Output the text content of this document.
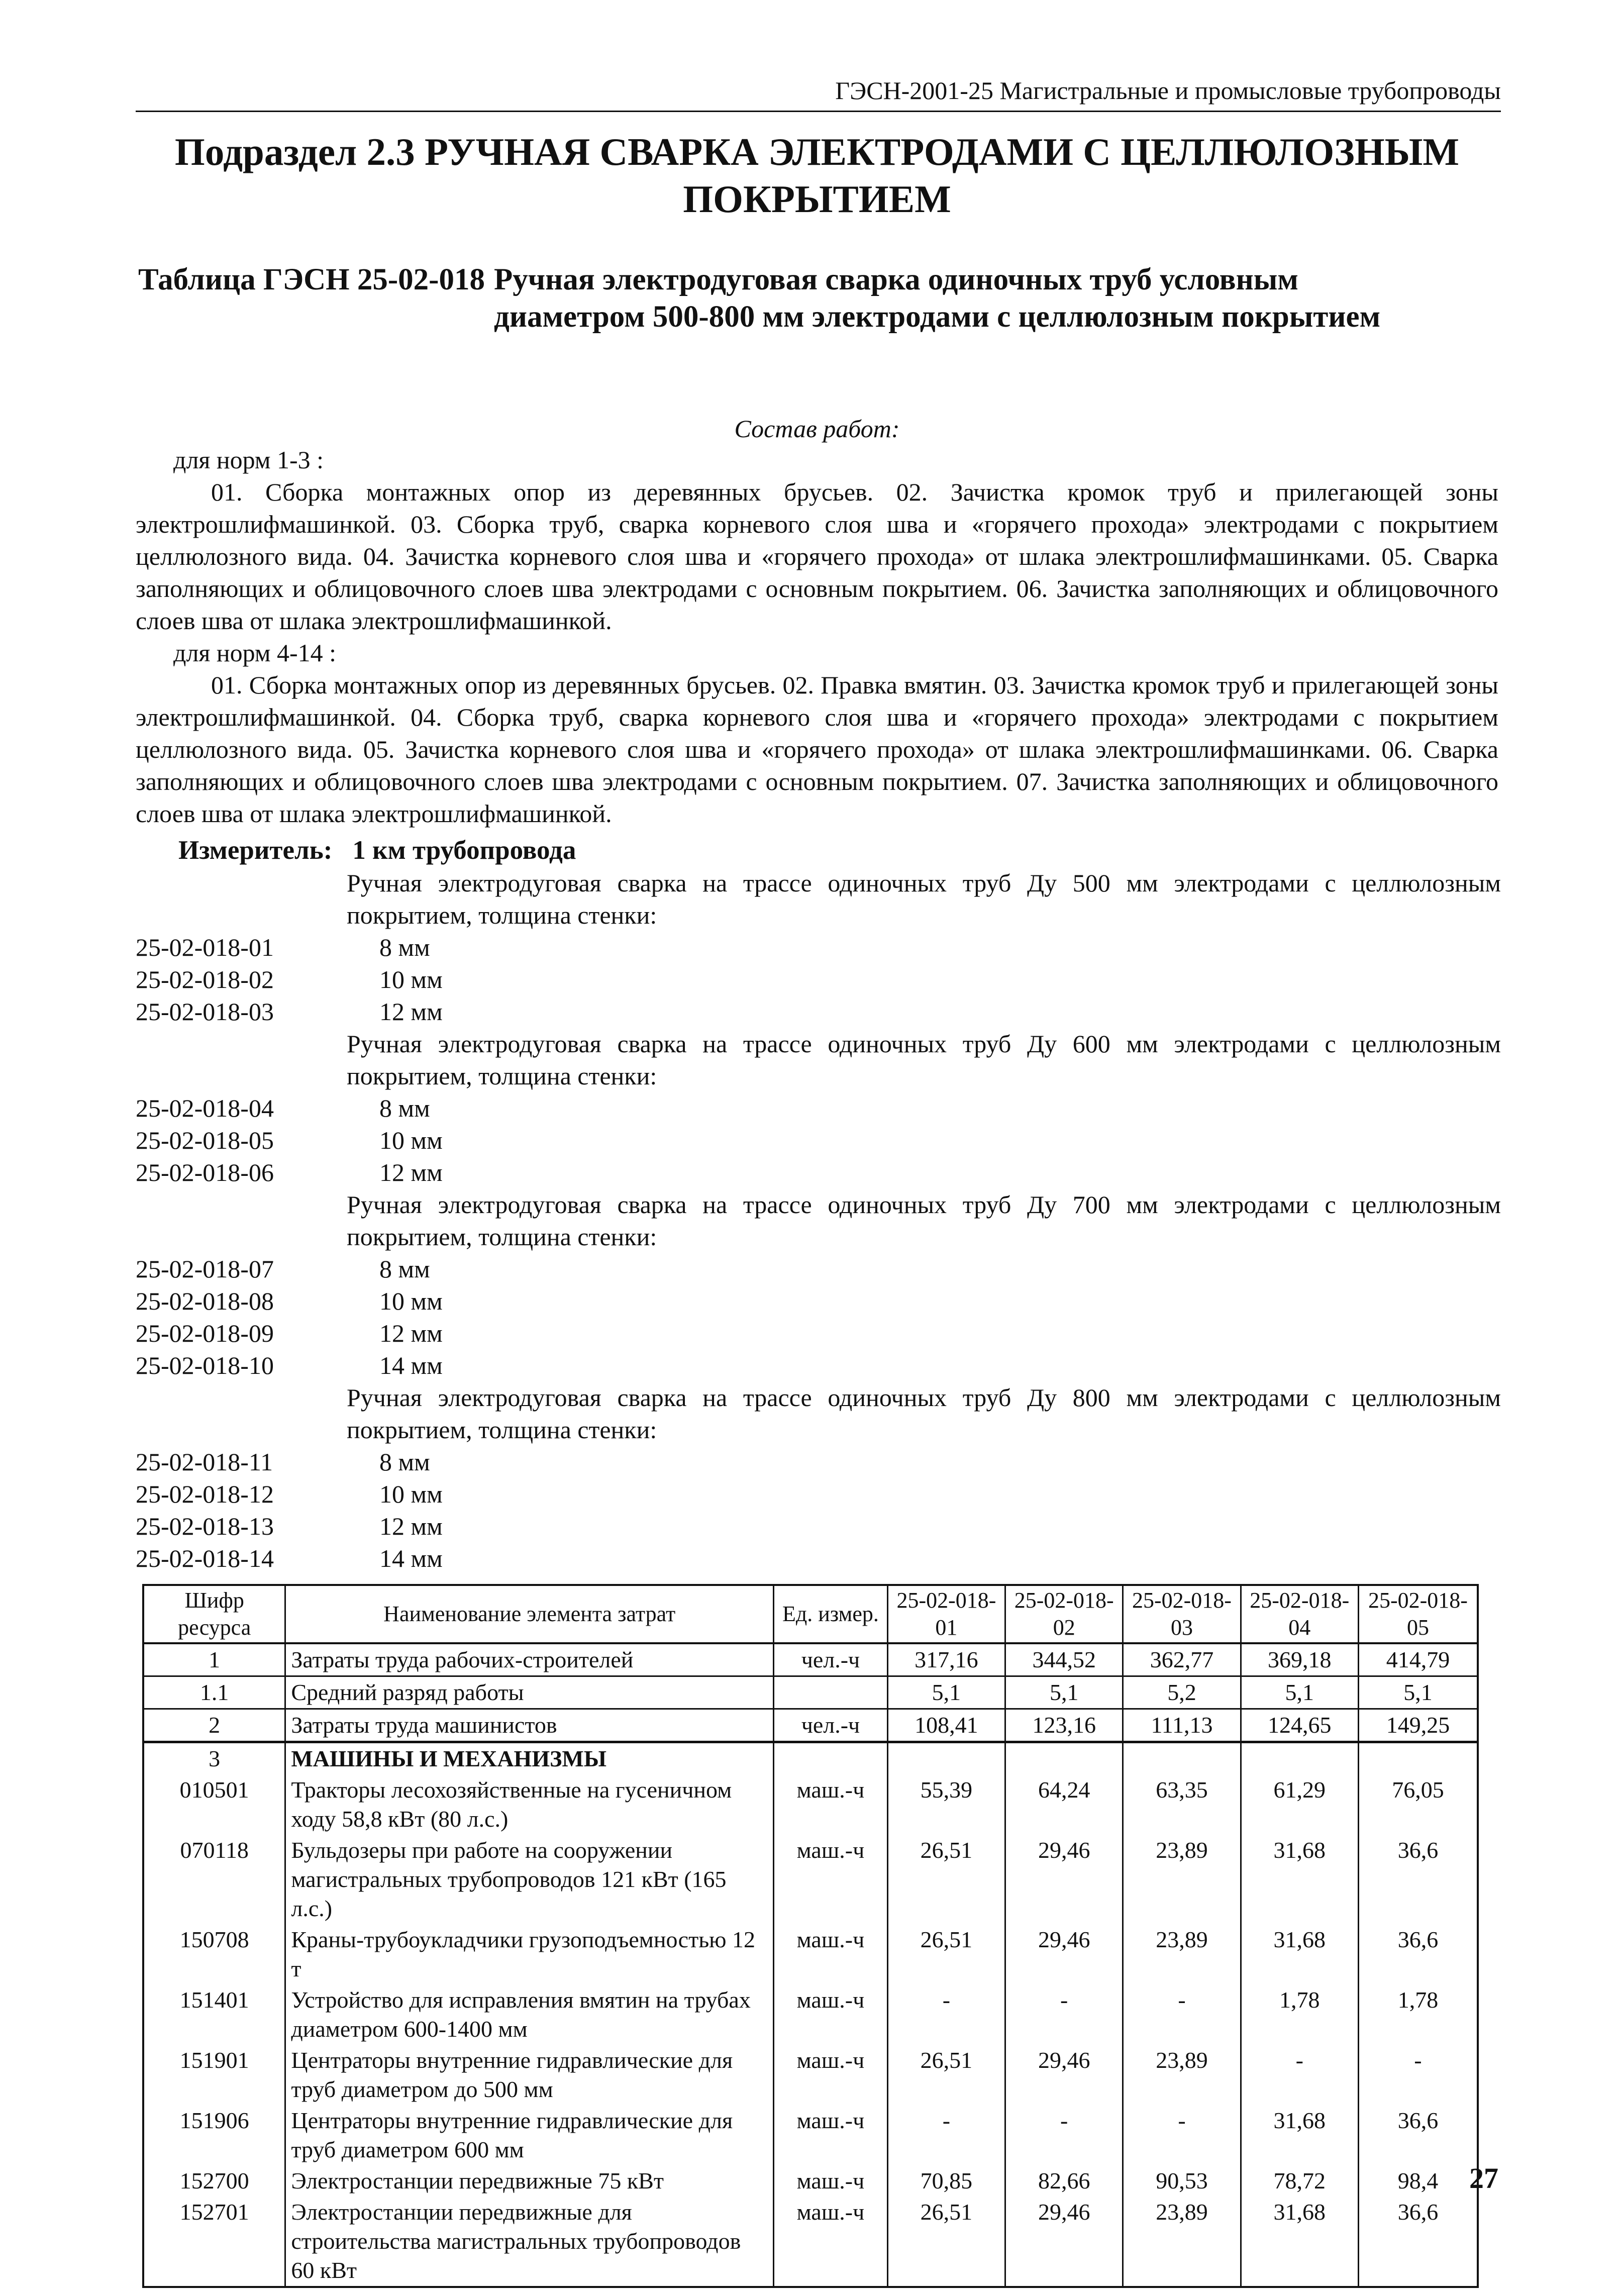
ГЭСН-2001-25 Магистральные и промысловые трубопроводы
Подраздел 2.3 РУЧНАЯ СВАРКА ЭЛЕКТРОДАМИ С ЦЕЛЛЮЛОЗНЫМ
ПОКРЫТИЕМ
Таблица ГЭСН 25-02-018 Ручная электродуговая сварка одиночных труб условным диаметром 500-800 мм электродами с целлюлозным покрытием
Состав работ:

для норм 1-3 :

01. Сборка монтажных опор из деревянных брусьев. 02. Зачистка кромок труб и прилегающей зоны электрошлифмашинкой. 03. Сборка труб, сварка корневого слоя шва и «горячего прохода» электродами с покрытием целлюлозного вида. 04. Зачистка корневого слоя шва и «горячего прохода» от шлака электрошлифмашинками. 05. Сварка заполняющих и облицовочного слоев шва электродами с основным покрытием. 06. Зачистка заполняющих и облицовочного слоев шва от шлака электрошлифмашинкой.

для норм 4-14 :

01. Сборка монтажных опор из деревянных брусьев. 02. Правка вмятин. 03. Зачистка кромок труб и прилегающей зоны электрошлифмашинкой. 04. Сборка труб, сварка корневого слоя шва и «горячего прохода» электродами с покрытием целлюлозного вида. 05. Зачистка корневого слоя шва и «горячего прохода» от шлака электрошлифмашинками. 06. Сварка заполняющих и облицовочного слоев шва электродами с основным покрытием. 07. Зачистка заполняющих и облицовочного слоев шва от шлака электрошлифмашинкой.

Измеритель: 1 км трубопровода
Ручная электродуговая сварка на трассе одиночных труб Ду 500 мм электродами с целлюлозным покрытием, толщина стенки:
25-02-018-01	8 мм
25-02-018-02	10 мм
25-02-018-03	12 мм
Ручная электродуговая сварка на трассе одиночных труб Ду 600 мм электродами с целлюлозным покрытием, толщина стенки:
25-02-018-04	8 мм
25-02-018-05	10 мм
25-02-018-06	12 мм
Ручная электродуговая сварка на трассе одиночных труб Ду 700 мм электродами с целлюлозным покрытием, толщина стенки:
25-02-018-07	8 мм
25-02-018-08	10 мм
25-02-018-09	12 мм
25-02-018-10	14 мм
Ручная электродуговая сварка на трассе одиночных труб Ду 800 мм электродами с целлюлозным покрытием, толщина стенки:
25-02-018-11	8 мм
25-02-018-12	10 мм
25-02-018-13	12 мм
25-02-018-14	14 мм
Шифр ресурса	Наименование элемента затрат	Ед. измер.	25-02-018-01	25-02-018-02	25-02-018-03	25-02-018-04	25-02-018-05
1	Затраты труда рабочих-строителей	чел.-ч	317,16	344,52	362,77	369,18	414,79
1.1	Средний разряд работы		5,1	5,1	5,2	5,1	5,1
2	Затраты труда машинистов	чел.-ч	108,41	123,16	111,13	124,65	149,25
3	МАШИНЫ И МЕХАНИЗМЫ						
010501	Тракторы лесохозяйственные на гусеничном ходу 58,8 кВт (80 л.с.)	маш.-ч	55,39	64,24	63,35	61,29	76,05
070118	Бульдозеры при работе на сооружении магистральных трубопроводов 121 кВт (165 л.с.)	маш.-ч	26,51	29,46	23,89	31,68	36,6
150708	Краны-трубоукладчики грузоподъемностью 12 т	маш.-ч	26,51	29,46	23,89	31,68	36,6
151401	Устройство для исправления вмятин на трубах диаметром 600-1400 мм	маш.-ч	-	-	-	1,78	1,78
151901	Центраторы внутренние гидравлические для труб диаметром до 500 мм	маш.-ч	26,51	29,46	23,89	-	-
151906	Центраторы внутренние гидравлические для труб диаметром 600 мм	маш.-ч	-	-	-	31,68	36,6
152700	Электростанции передвижные 75 кВт	маш.-ч	70,85	82,66	90,53	78,72	98,4
152701	Электростанции передвижные для строительства магистральных трубопроводов 60 кВт	маш.-ч	26,51	29,46	23,89	31,68	36,6
27
